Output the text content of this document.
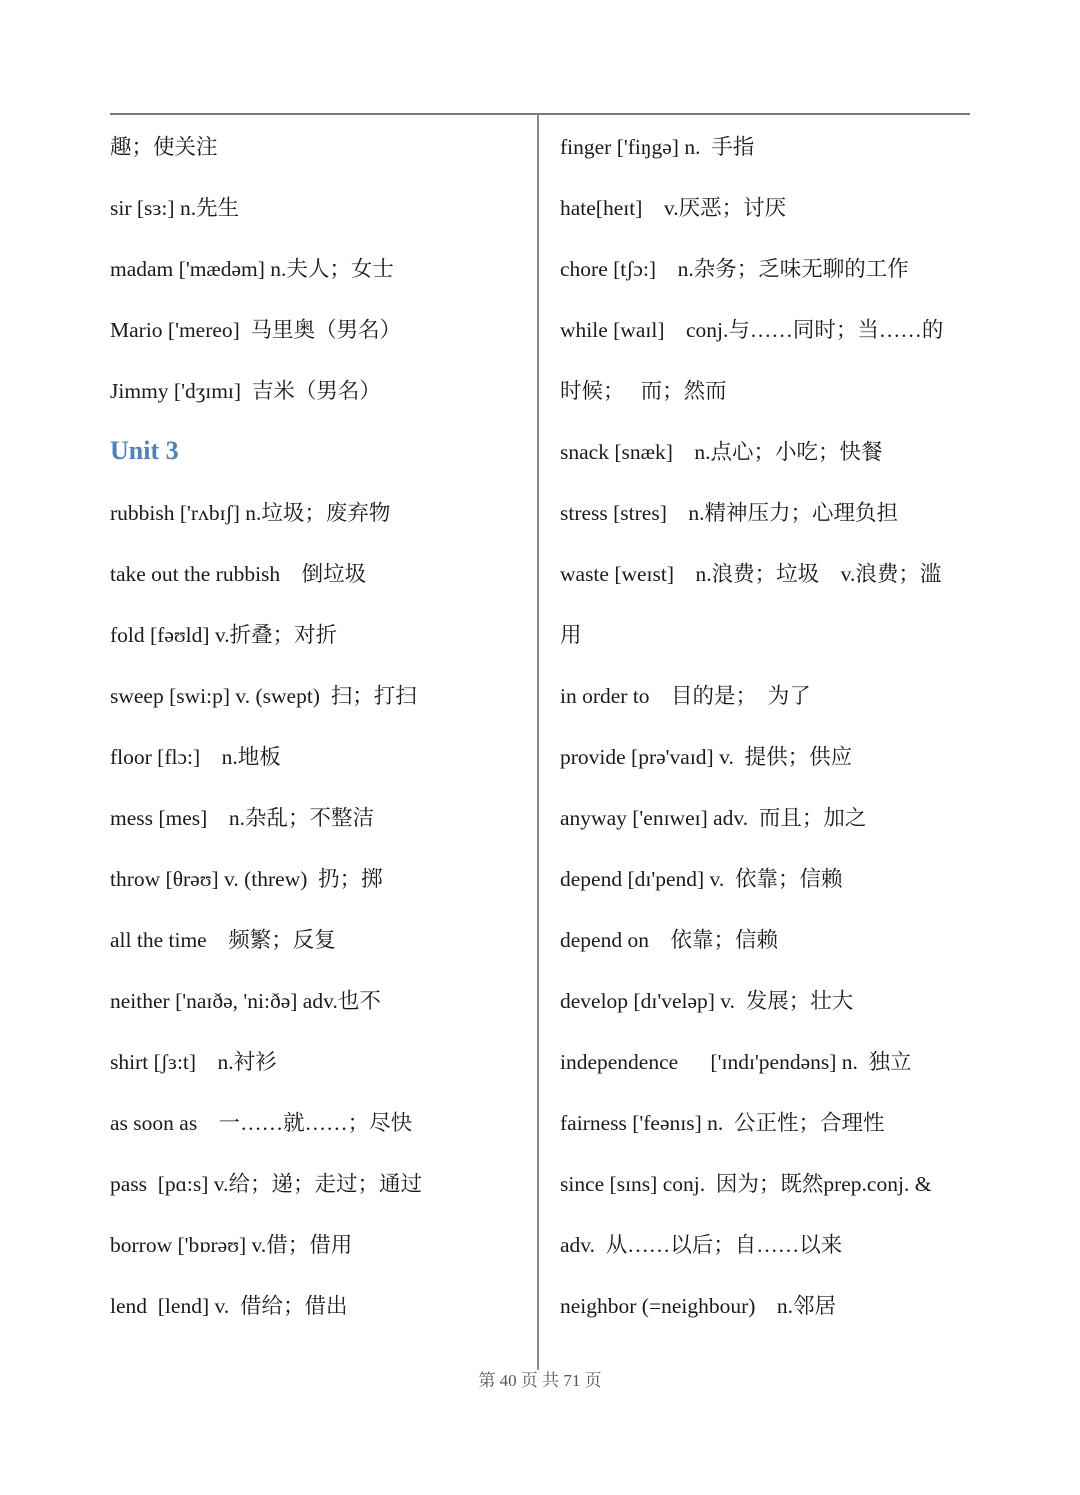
趣；使关注
sir [sɜ:] n.先生
madam ['mædəm] n.夫人；女士
Mario ['mereo]  马里奥（男名）
Jimmy ['dʒɪmɪ]  吉米（男名）
Unit 3
rubbish ['rʌbɪʃ] n.垃圾；废弃物
take out the rubbish    倒垃圾
fold [fəʊld] v.折叠；对折
sweep [swi:p] v. (swept)  扫；打扫
floor [flɔ:]    n.地板
mess [mes]    n.杂乱；不整洁
throw [θrəʊ] v. (threw)  扔；掷
all the time    频繁；反复
neither ['naɪðə, 'ni:ðə] adv.也不
shirt [ʃɜ:t]    n.衬衫
as soon as    一……就……；尽快
pass  [pɑ:s] v.给；递；走过；通过
borrow ['bɒrəʊ] v.借；借用
lend  [lend] v.  借给；借出
finger ['fiŋgə] n.  手指
hate[heɪt]    v.厌恶；讨厌
chore [tʃɔ:]    n.杂务；乏味无聊的工作
while [waɪl]    conj.与……同时；当……的
时候；   而；然而
snack [snæk]    n.点心；小吃；快餐
stress [stres]    n.精神压力；心理负担
waste [weɪst]    n.浪费；垃圾    v.浪费；滥
用
in order to    目的是；  为了
provide [prə'vaɪd] v.  提供；供应
anyway ['enɪweɪ] adv.  而且；加之
depend [dɪ'pend] v.  依靠；信赖
depend on    依靠；信赖
develop [dɪ'veləp] v.  发展；壮大
independence      ['ɪndɪ'pendəns] n.  独立
fairness ['feənɪs] n.  公正性；合理性
since [sɪns] conj.  因为；既然prep.conj. &
adv.  从……以后；自……以来
neighbor (=neighbour)    n.邻居
第 40 页 共 71 页
